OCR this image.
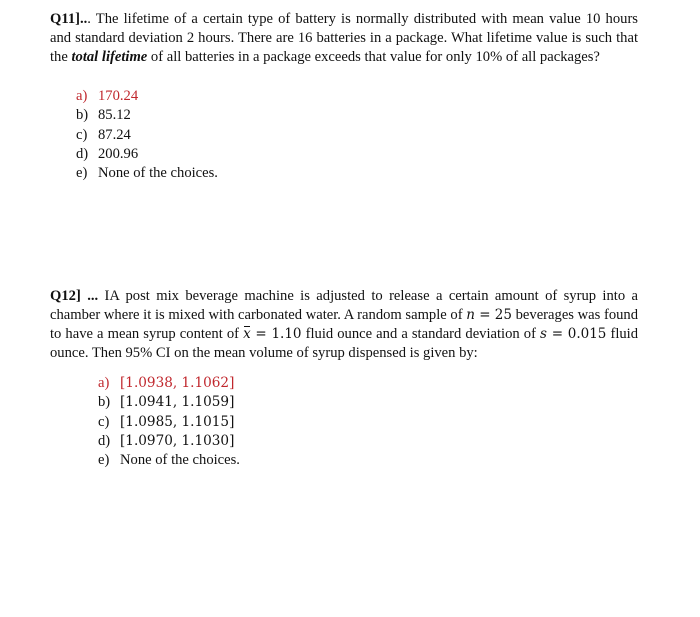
Q11]... The lifetime of a certain type of battery is normally distributed with mean value 10 hours and standard deviation 2 hours. There are 16 batteries in a package. What lifetime value is such that the total lifetime of all batteries in a package exceeds that value for only 10% of all packages?
a) 170.24
b) 85.12
c) 87.24
d) 200.96
e) None of the choices.
Q12] ... IA post mix beverage machine is adjusted to release a certain amount of syrup into a chamber where it is mixed with carbonated water. A random sample of n = 25 beverages was found to have a mean syrup content of x = 1.10 fluid ounce and a standard deviation of s = 0.015 fluid ounce. Then 95% CI on the mean volume of syrup dispensed is given by:
a) [1.0938, 1.1062]
b) [1.0941, 1.1059]
c) [1.0985, 1.1015]
d) [1.0970, 1.1030]
e) None of the choices.
